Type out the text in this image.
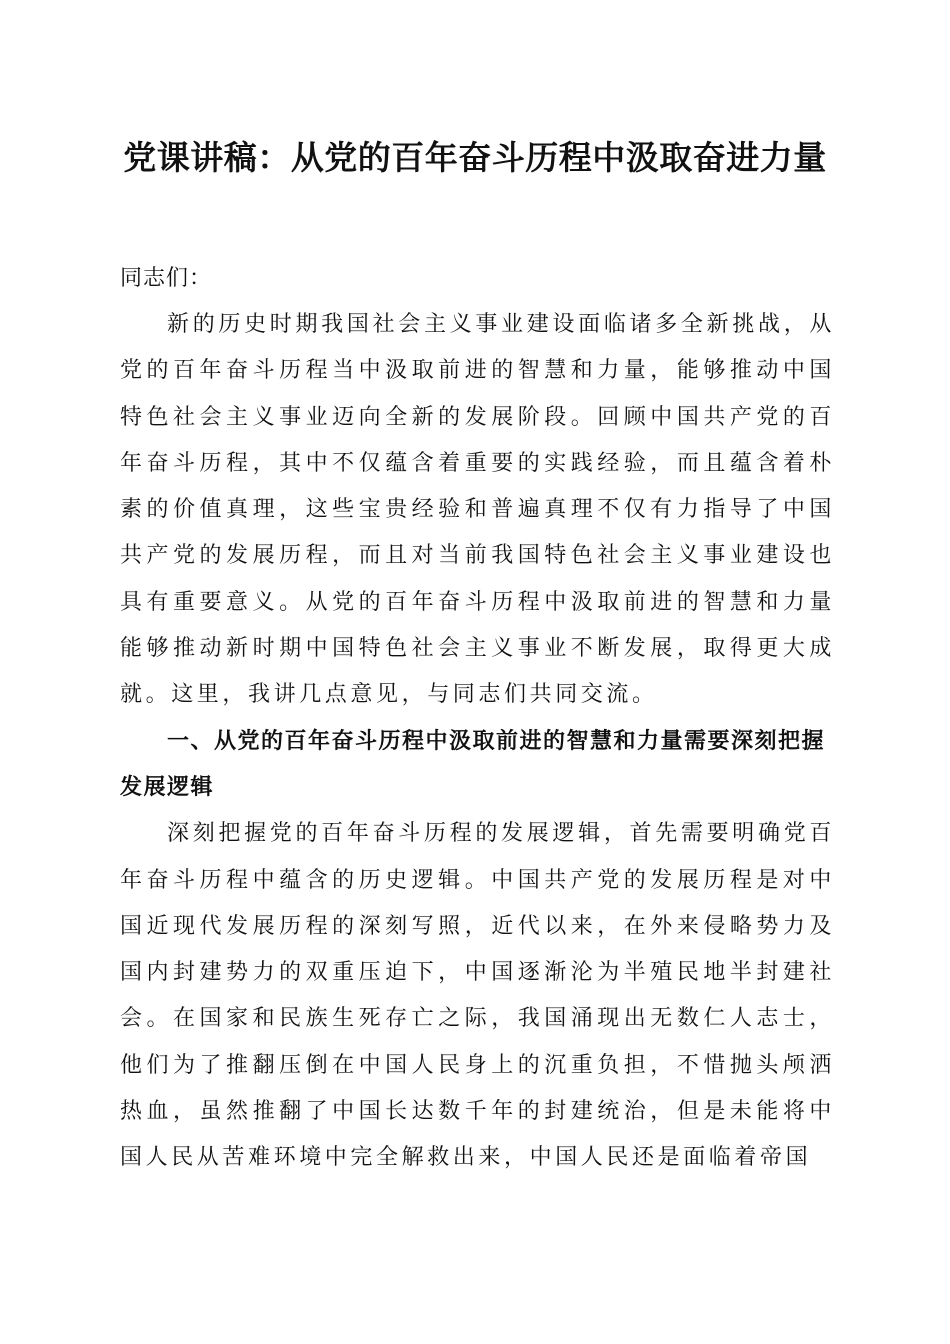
党课讲稿：从党的百年奋斗历程中汲取奋进力量

同志们：

新的历史时期我国社会主义事业建设面临诸多全新挑战，从党的百年奋斗历程当中汲取前进的智慧和力量，能够推动中国特色社会主义事业迈向全新的发展阶段。回顾中国共产党的百年奋斗历程，其中不仅蕴含着重要的实践经验，而且蕴含着朴素的价值真理，这些宝贵经验和普遍真理不仅有力指导了中国共产党的发展历程，而且对当前我国特色社会主义事业建设也具有重要意义。从党的百年奋斗历程中汲取前进的智慧和力量能够推动新时期中国特色社会主义事业不断发展，取得更大成就。这里，我讲几点意见，与同志们共同交流。

一、从党的百年奋斗历程中汲取前进的智慧和力量需要深刻把握发展逻辑

深刻把握党的百年奋斗历程的发展逻辑，首先需要明确党百年奋斗历程中蕴含的历史逻辑。中国共产党的发展历程是对中国近现代发展历程的深刻写照，近代以来，在外来侵略势力及国内封建势力的双重压迫下，中国逐渐沦为半殖民地半封建社会。在国家和民族生死存亡之际，我国涌现出无数仁人志士，他们为了推翻压倒在中国人民身上的沉重负担，不惜抛头颅洒热血，虽然推翻了中国长达数千年的封建统治，但是未能将中国人民从苦难环境中完全解救出来，中国人民还是面临着帝国
